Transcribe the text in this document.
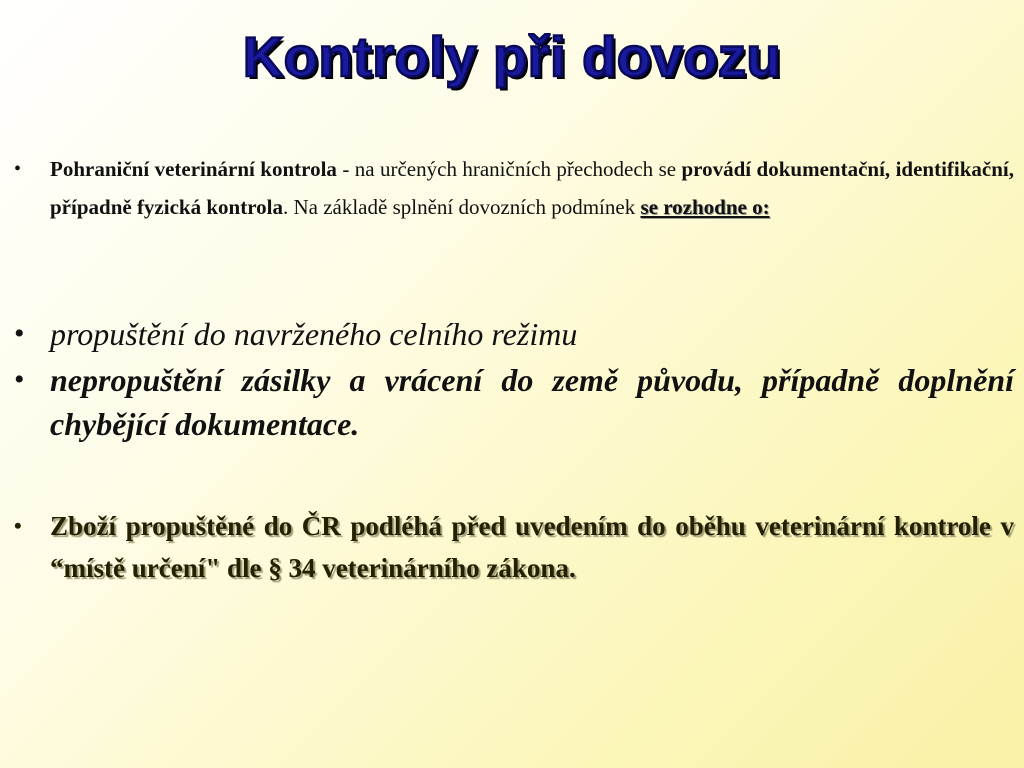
Kontroly při dovozu
•	Pohraniční veterinární kontrola - na určených hraničních přechodech se provádí dokumentační, identifikační, případně fyzická kontrola. Na základě splnění dovozních podmínek se rozhodne o:
• propuštění do navrženého celního režimu
• nepropuštění zásilky a vrácení do země původu, případně doplnění chybějící dokumentace.
•	Zboží propuštěné do ČR podléhá před uvedením do oběhu veterinární kontrole v “místě určení" dle § 34 veterinárního zákona.
